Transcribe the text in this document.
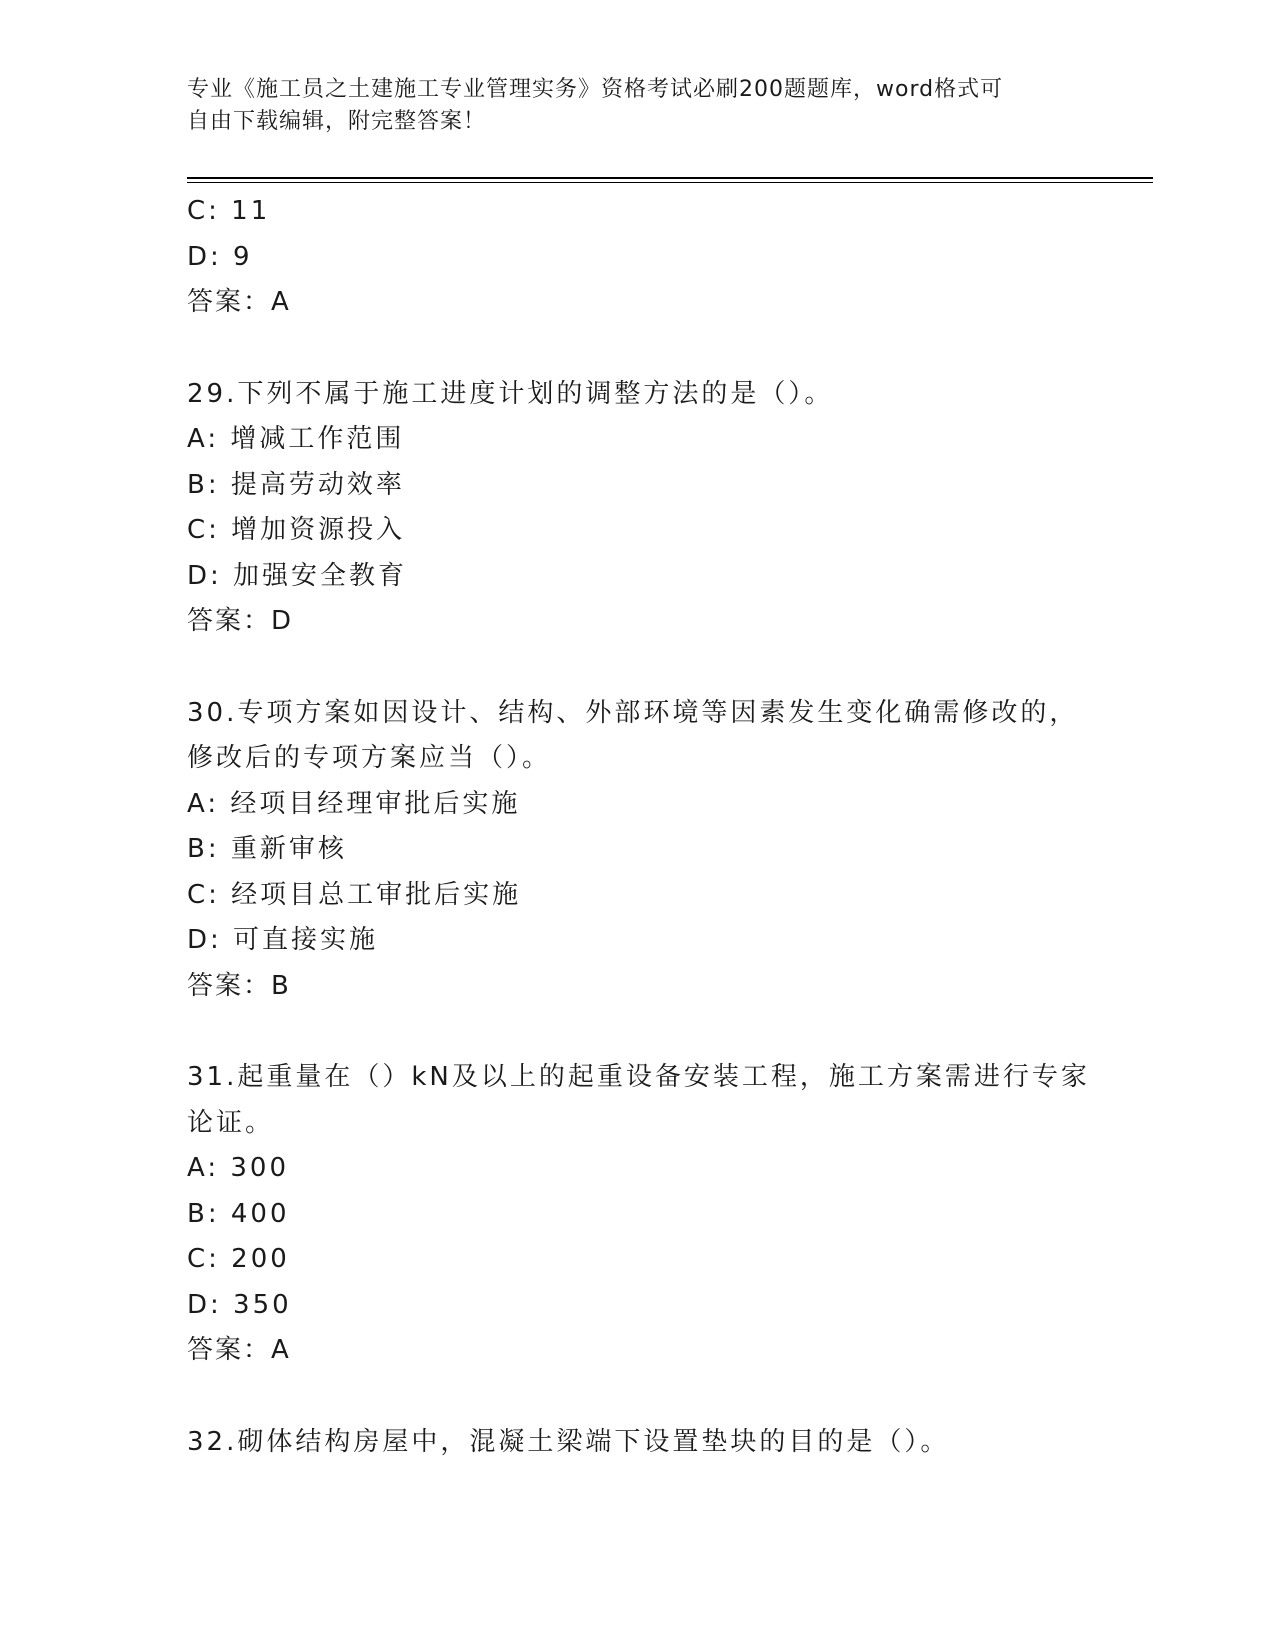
专业《施工员之土建施工专业管理实务》资格考试必刷200题题库，word格式可
自由下载编辑，附完整答案！
C: 11
D: 9
答案：A
29.下列不属于施工进度计划的调整方法的是（）。
A: 增减工作范围
B: 提高劳动效率
C: 增加资源投入
D: 加强安全教育
答案：D
30.专项方案如因设计、结构、外部环境等因素发生变化确需修改的，
修改后的专项方案应当（）。
A: 经项目经理审批后实施
B: 重新审核
C: 经项目总工审批后实施
D: 可直接实施
答案：B
31.起重量在（）kN及以上的起重设备安装工程，施工方案需进行专家
论证。
A: 300
B: 400
C: 200
D: 350
答案：A
32.砌体结构房屋中，混凝土梁端下设置垫块的目的是（）。
